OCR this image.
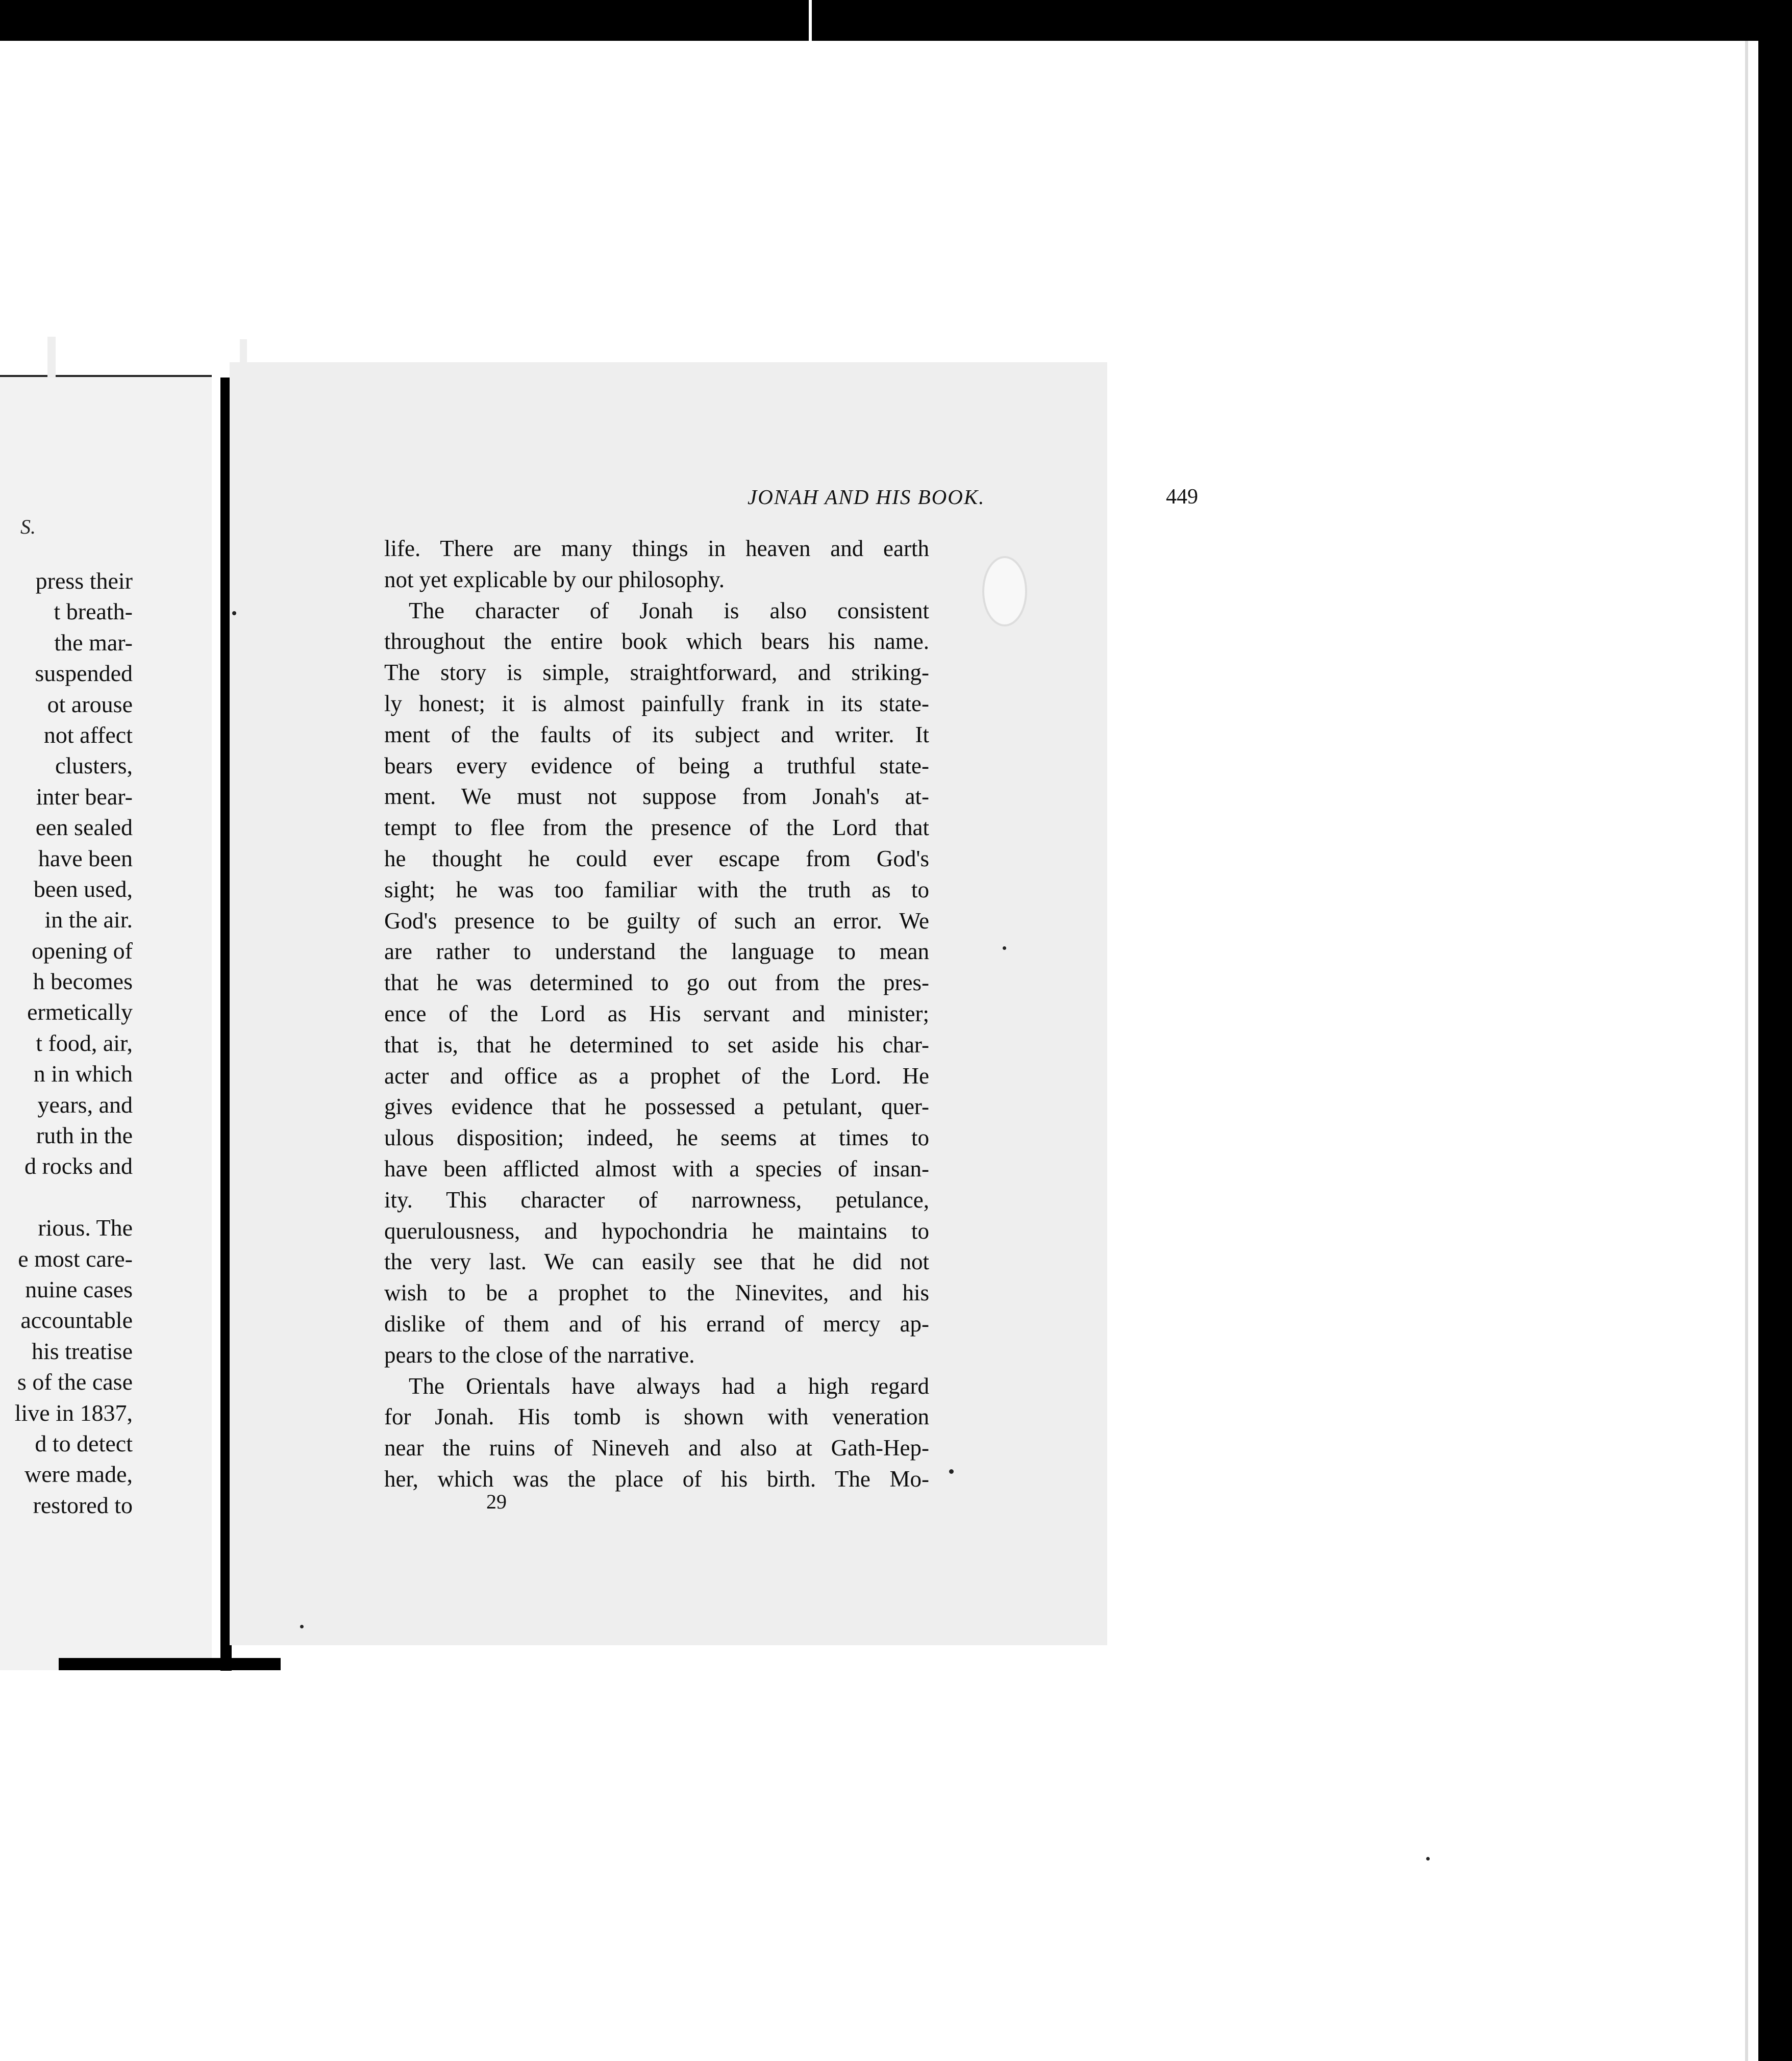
S.
press their
t breath-
the mar-
suspended
ot arouse
not affect
clusters,
inter bear-
een sealed
have been
been used,
in the air.
opening of
h becomes
ermetically
t food, air,
n in which
years, and
ruth in the
d rocks and
rious. The
e most care-
nuine cases
accountable
his treatise
s of the case
live in 1837,
d to detect
were made,
restored to
JONAH AND HIS BOOK.	449
life. There are many things in heaven and earth
not yet explicable by our philosophy.
The character of Jonah is also consistent
throughout the entire book which bears his name.
The story is simple, straightforward, and striking-
ly honest; it is almost painfully frank in its state-
ment of the faults of its subject and writer. It
bears every evidence of being a truthful state-
ment. We must not suppose from Jonah's at-
tempt to flee from the presence of the Lord that
he thought he could ever escape from God's
sight; he was too familiar with the truth as to
God's presence to be guilty of such an error. We
are rather to understand the language to mean
that he was determined to go out from the pres-
ence of the Lord as His servant and minister;
that is, that he determined to set aside his char-
acter and office as a prophet of the Lord. He
gives evidence that he possessed a petulant, quer-
ulous disposition; indeed, he seems at times to
have been afflicted almost with a species of insan-
ity. This character of narrowness, petulance,
querulousness, and hypochondria he maintains to
the very last. We can easily see that he did not
wish to be a prophet to the Ninevites, and his
dislike of them and of his errand of mercy ap-
pears to the close of the narrative.
The Orientals have always had a high regard
for Jonah. His tomb is shown with veneration
near the ruins of Nineveh and also at Gath-Hep-
her, which was the place of his birth. The Mo-
29
